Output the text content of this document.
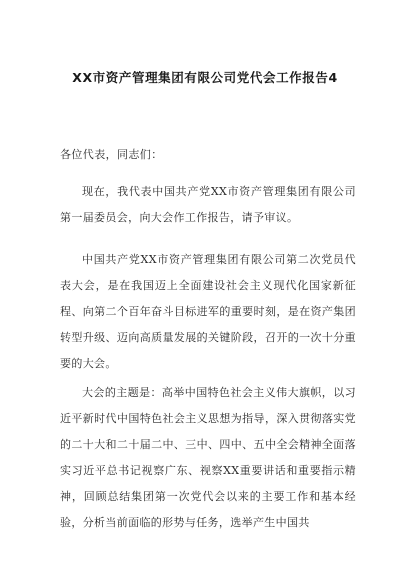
XX市资产管理集团有限公司党代会工作报告4

各位代表，同志们：

现在，我代表中国共产党XX市资产管理集团有限公司第一届委员会，向大会作工作报告，请予审议。

中国共产党XX市资产管理集团有限公司第二次党员代表大会，是在我国迈上全面建设社会主义现代化国家新征程、向第二个百年奋斗目标进军的重要时刻，是在资产集团转型升级、迈向高质量发展的关键阶段，召开的一次十分重要的大会。

大会的主题是：高举中国特色社会主义伟大旗帜，以习近平新时代中国特色社会主义思想为指导，深入贯彻落实党的二十大和二十届二中、三中、四中、五中全会精神全面落实习近平总书记视察广东、视察XX重要讲话和重要指示精神，回顾总结集团第一次党代会以来的主要工作和基本经验，分析当前面临的形势与任务，选举产生中国共
